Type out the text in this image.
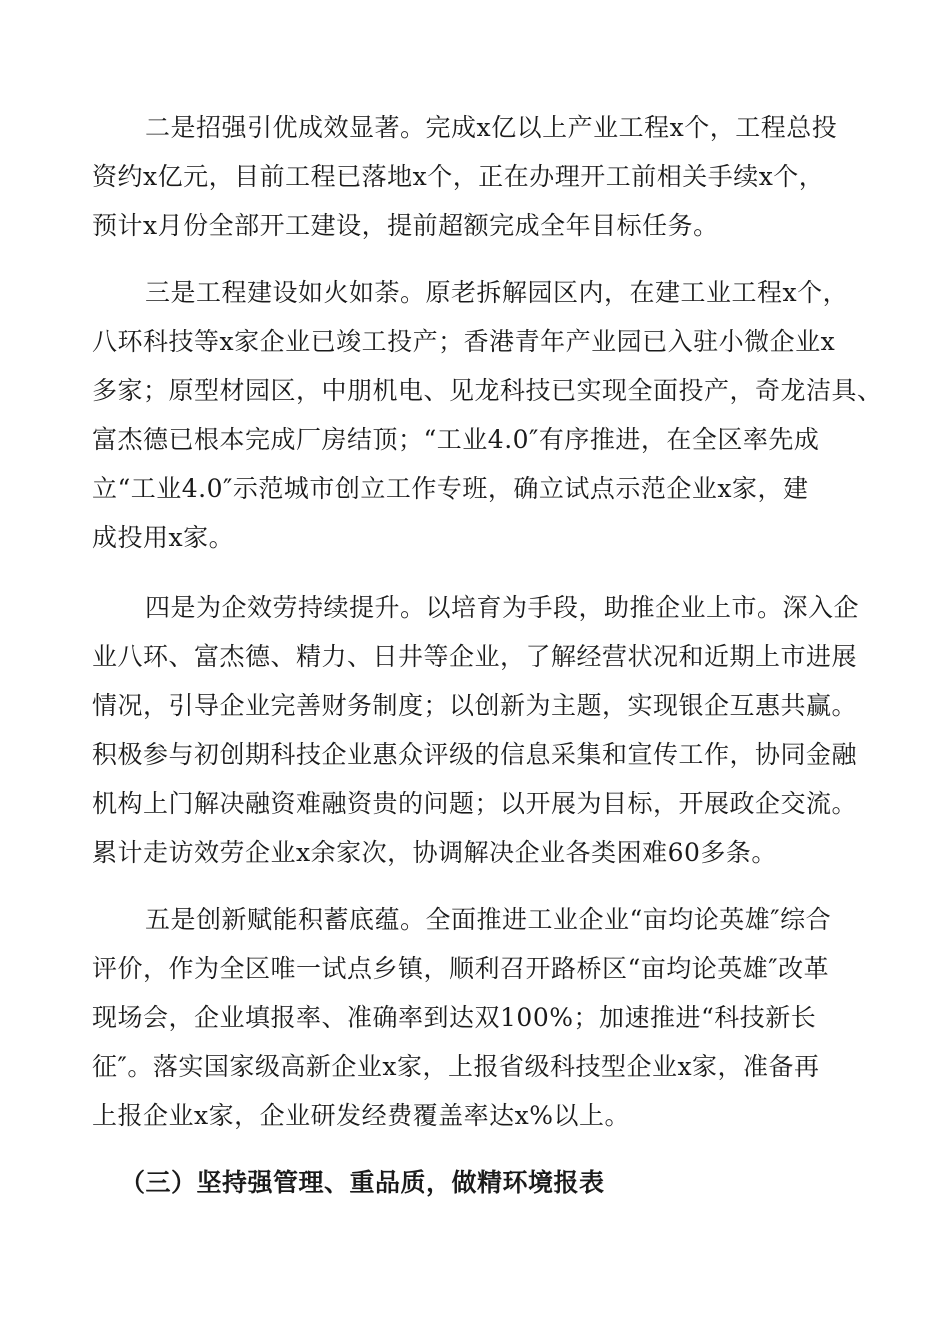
二是招强引优成效显著。完成x亿以上产业工程x个，工程总投
资约x亿元，目前工程已落地x个，正在办理开工前相关手续x个，
预计x月份全部开工建设，提前超额完成全年目标任务。
三是工程建设如火如荼。原老拆解园区内，在建工业工程x个，
八环科技等x家企业已竣工投产；香港青年产业园已入驻小微企业x
多家；原型材园区，中朋机电、见龙科技已实现全面投产，奇龙洁具、
富杰德已根本完成厂房结顶；“工业4.0″有序推进，在全区率先成
立“工业4.0″示范城市创立工作专班，确立试点示范企业x家，建
成投用x家。
四是为企效劳持续提升。以培育为手段，助推企业上市。深入企
业八环、富杰德、精力、日井等企业，了解经营状况和近期上市进展
情况，引导企业完善财务制度；以创新为主题，实现银企互惠共赢。
积极参与初创期科技企业惠众评级的信息采集和宣传工作，协同金融
机构上门解决融资难融资贵的问题；以开展为目标，开展政企交流。
累计走访效劳企业x余家次，协调解决企业各类困难60多条。
五是创新赋能积蓄底蕴。全面推进工业企业“亩均论英雄″综合
评价，作为全区唯一试点乡镇，顺利召开路桥区“亩均论英雄″改革
现场会，企业填报率、准确率到达双100%；加速推进“科技新长
征″。落实国家级高新企业x家，上报省级科技型企业x家，准备再
上报企业x家，企业研发经费覆盖率达x%以上。
（三）坚持强管理、重品质，做精环境报表
